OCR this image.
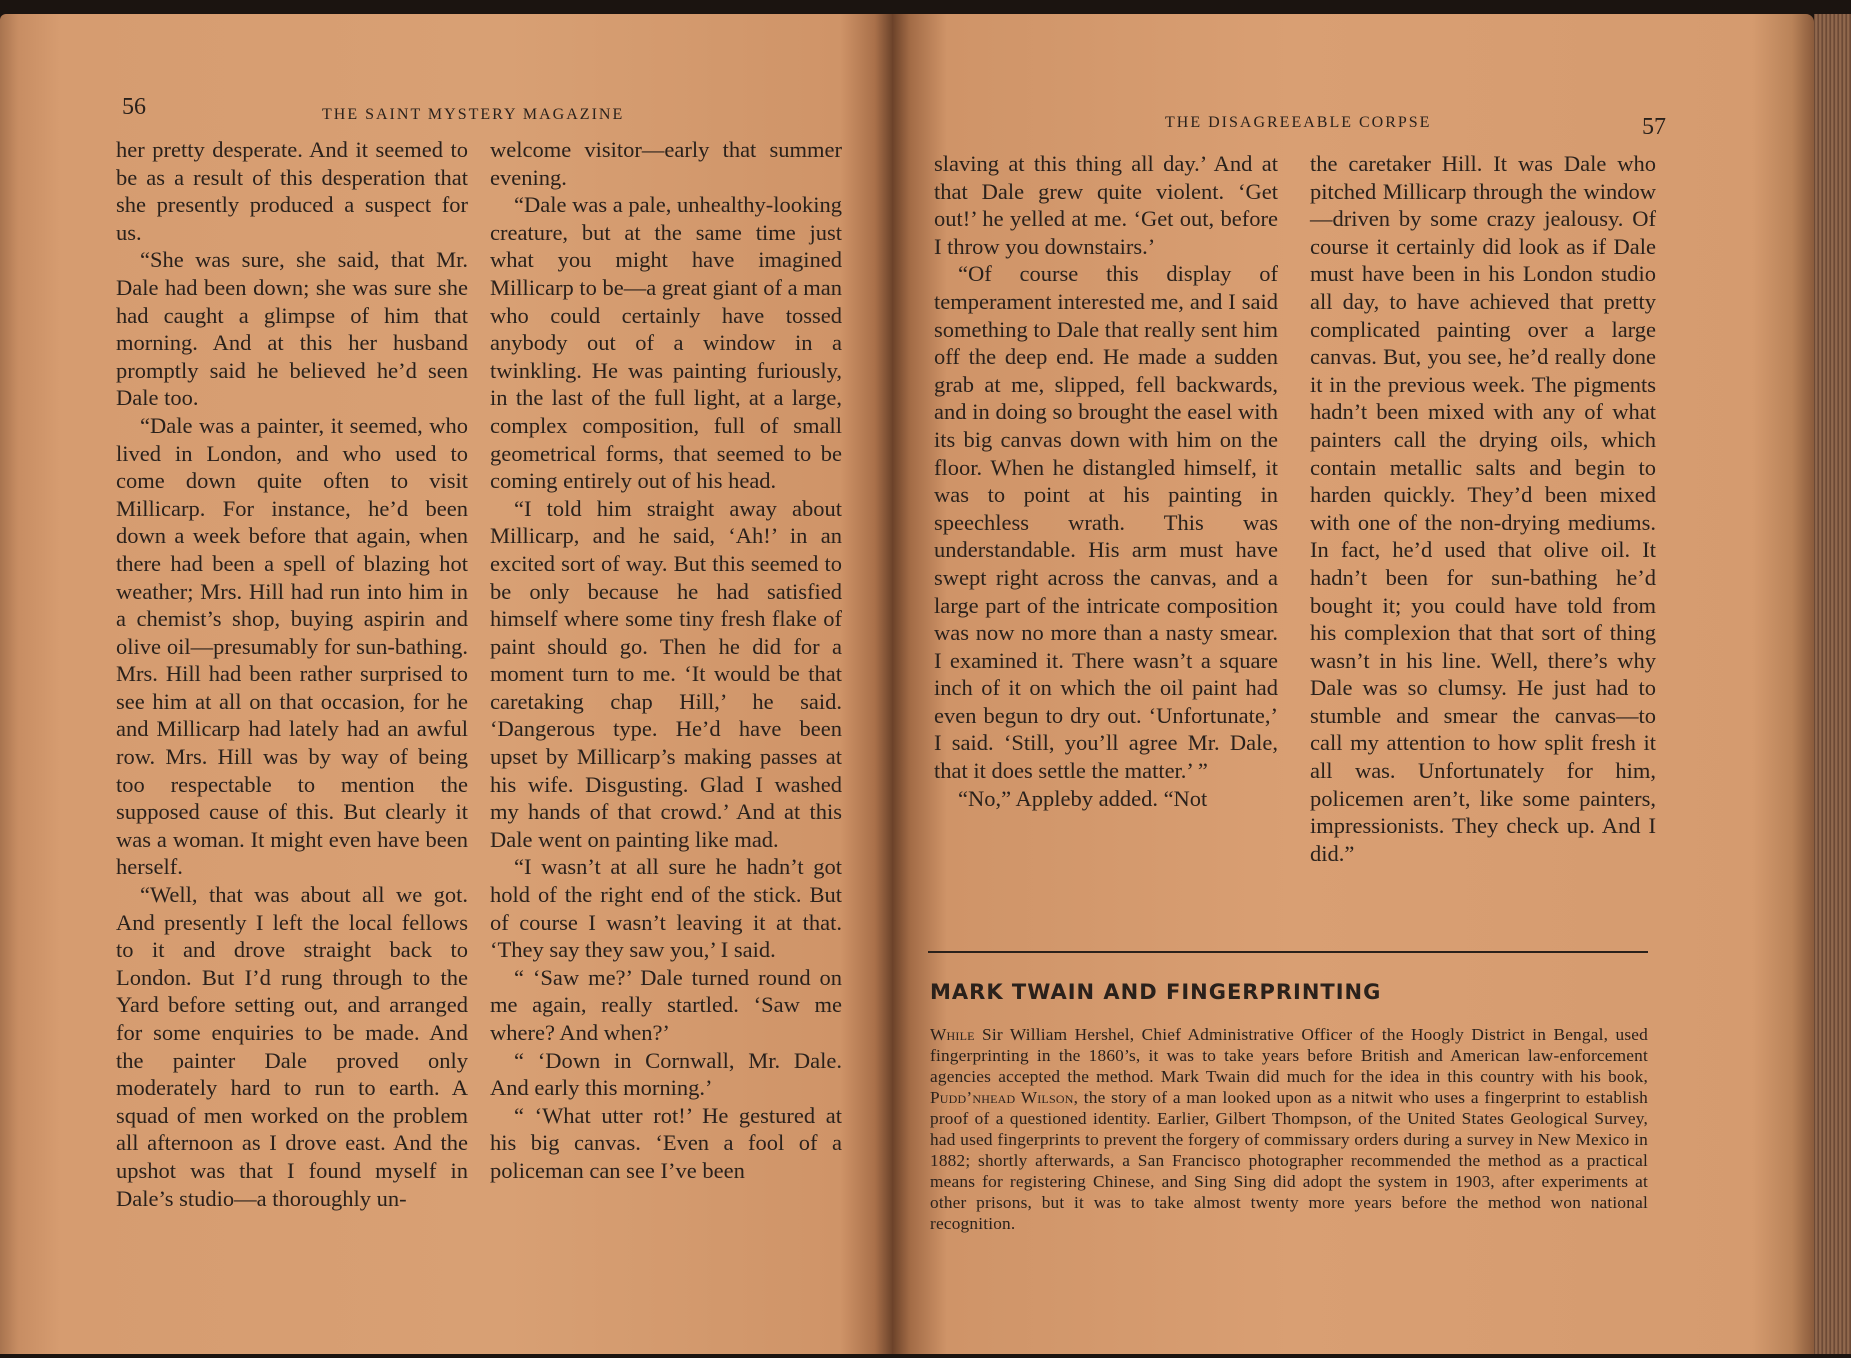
56	THE SAINT MYSTERY MAGAZINE

her pretty desperate. And it seemed to be as a result of this desperation that she presently produced a suspect for us.

“She was sure, she said, that Mr. Dale had been down; she was sure she had caught a glimpse of him that morning. And at this her husband promptly said he believed he’d seen Dale too.

“Dale was a painter, it seemed, who lived in London, and who used to come down quite often to visit Millicarp. For instance, he’d been down a week before that again, when there had been a spell of blazing hot weather; Mrs. Hill had run into him in a chemist’s shop, buying aspirin and olive oil—presumably for sun-bathing. Mrs. Hill had been rather surprised to see him at all on that occasion, for he and Millicarp had lately had an awful row. Mrs. Hill was by way of being too respectable to mention the supposed cause of this. But clearly it was a woman. It might even have been herself.

“Well, that was about all we got. And presently I left the local fellows to it and drove straight back to London. But I’d rung through to the Yard before setting out, and arranged for some enquiries to be made. And the painter Dale proved only moderately hard to run to earth. A squad of men worked on the problem all afternoon as I drove east. And the upshot was that I found myself in Dale’s studio—a thoroughly un-

welcome visitor—early that summer evening.

“Dale was a pale, unhealthy-looking creature, but at the same time just what you might have imagined Millicarp to be—a great giant of a man who could certainly have tossed anybody out of a window in a twinkling. He was painting furiously, in the last of the full light, at a large, complex composition, full of small geometrical forms, that seemed to be coming entirely out of his head.

“I told him straight away about Millicarp, and he said, ‘Ah!’ in an excited sort of way. But this seemed to be only because he had satisfied himself where some tiny fresh flake of paint should go. Then he did for a moment turn to me. ‘It would be that caretaking chap Hill,’ he said. ‘Dangerous type. He’d have been upset by Millicarp’s making passes at his wife. Disgusting. Glad I washed my hands of that crowd.’ And at this Dale went on painting like mad.

“I wasn’t at all sure he hadn’t got hold of the right end of the stick. But of course I wasn’t leaving it at that. ‘They say they saw you,’ I said.

“ ‘Saw me?’ Dale turned round on me again, really startled. ‘Saw me where? And when?’

“ ‘Down in Cornwall, Mr. Dale. And early this morning.’

“ ‘What utter rot!’ He gestured at his big canvas. ‘Even a fool of a policeman can see I’ve been

THE DISAGREEABLE CORPSE	57

slaving at this thing all day.’ And at that Dale grew quite violent. ‘Get out!’ he yelled at me. ‘Get out, before I throw you downstairs.’

“Of course this display of temperament interested me, and I said something to Dale that really sent him off the deep end. He made a sudden grab at me, slipped, fell backwards, and in doing so brought the easel with its big canvas down with him on the floor. When he distangled himself, it was to point at his painting in speechless wrath. This was understandable. His arm must have swept right across the canvas, and a large part of the intricate composition was now no more than a nasty smear. I examined it. There wasn’t a square inch of it on which the oil paint had even begun to dry out. ‘Unfortunate,’ I said. ‘Still, you’ll agree Mr. Dale, that it does settle the matter.’ ”

“No,” Appleby added. “Not

the caretaker Hill. It was Dale who pitched Millicarp through the window—driven by some crazy jealousy. Of course it certainly did look as if Dale must have been in his London studio all day, to have achieved that pretty complicated painting over a large canvas. But, you see, he’d really done it in the previous week. The pigments hadn’t been mixed with any of what painters call the drying oils, which contain metallic salts and begin to harden quickly. They’d been mixed with one of the non-drying mediums. In fact, he’d used that olive oil. It hadn’t been for sun-bathing he’d bought it; you could have told from his complexion that that sort of thing wasn’t in his line. Well, there’s why Dale was so clumsy. He just had to stumble and smear the canvas—to call my attention to how split fresh it all was. Unfortunately for him, policemen aren’t, like some painters, impressionists. They check up. And I did.”

MARK TWAIN AND FINGERPRINTING
While Sir William Hershel, Chief Administrative Officer of the Hoogly District in Bengal, used fingerprinting in the 1860’s, it was to take years before British and American law-enforcement agencies accepted the method. Mark Twain did much for the idea in this country with his book, Pudd’nhead Wilson, the story of a man looked upon as a nitwit who uses a fingerprint to establish proof of a questioned identity. Earlier, Gilbert Thompson, of the United States Geological Survey, had used fingerprints to prevent the forgery of commissary orders during a survey in New Mexico in 1882; shortly afterwards, a San Francisco photographer recommended the method as a practical means for registering Chinese, and Sing Sing did adopt the system in 1903, after experiments at other prisons, but it was to take almost twenty more years before the method won national recognition.
